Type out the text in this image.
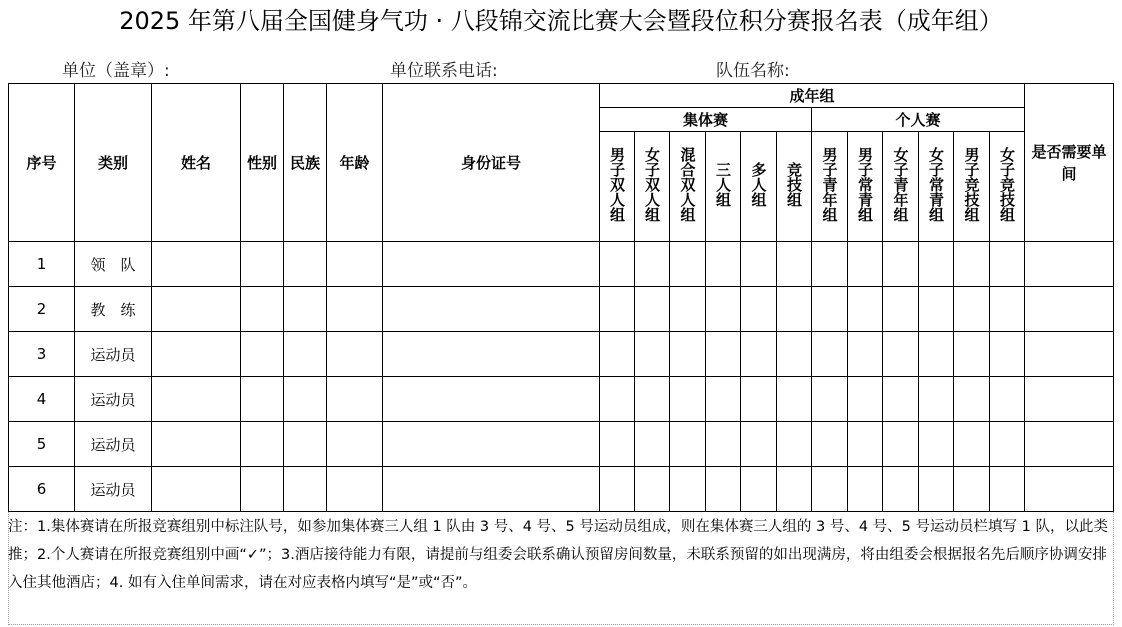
2025 年第八届全国健身气功 · 八段锦交流比赛大会暨段位积分赛报名表（成年组）
单位（盖章）:	单位联系电话:	队伍名称:
序号	类别	姓名	性别	民族	年龄	身份证号	成年组												是否需要单间
							集体赛						个人赛						
							男子双人组	女子双人组	混合双人组	三人组	多人组	竞技组	男子青年组	男子常青组	女子青年组	女子常青组	男子竞技组	女子竞技组	
1	领　队																		
2	教　练																		
3	运动员																		
4	运动员																		
5	运动员																		
6	运动员																		
注：1.集体赛请在所报竞赛组别中标注队号，如参加集体赛三人组 1 队由 3 号、4 号、5 号运动员组成，则在集体赛三人组的 3 号、4 号、5 号运动员栏填写 1 队，以此类推；2.个人赛请在所报竞赛组别中画“✓”；3.酒店接待能力有限，请提前与组委会联系确认预留房间数量，未联系预留的如出现满房，将由组委会根据报名先后顺序协调安排入住其他酒店；4. 如有入住单间需求，请在对应表格内填写“是”或“否”。
